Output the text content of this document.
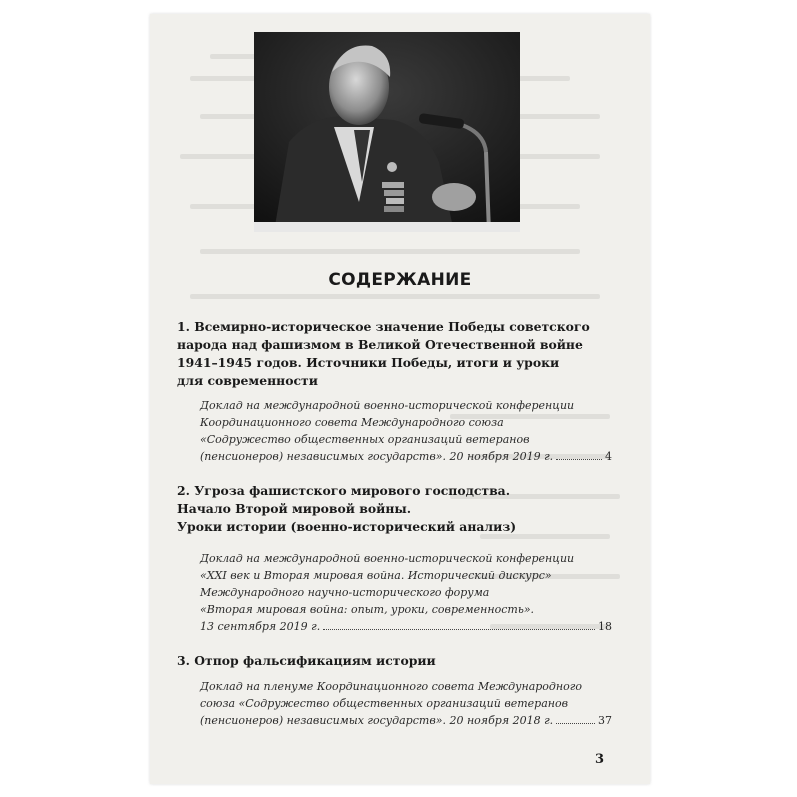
СОДЕРЖАНИЕ
1. Всемирно-историческое значение Победы советского
народа над фашизмом в Великой Отечественной войне
1941–1945 годов. Источники Победы, итоги и уроки
для современности
Доклад на международной военно-исторической конференции
Координационного совета Международного союза
«Содружество общественных организаций ветеранов
(пенсионеров) независимых государств». 20 ноября 2019 г.	4
2. Угроза фашистского мирового господства.
Начало Второй мировой войны.
Уроки истории (военно-исторический анализ)
Доклад на международной военно-исторической конференции
«XXI век и Вторая мировая война. Исторический дискурс»
Международного научно-исторического форума
«Вторая мировая война: опыт, уроки, современность».
13 сентября 2019 г.	18
3. Отпор фальсификациям истории
Доклад на пленуме Координационного совета Международного
союза «Содружество общественных организаций ветеранов
(пенсионеров) независимых государств». 20 ноября 2018 г.	37
3
